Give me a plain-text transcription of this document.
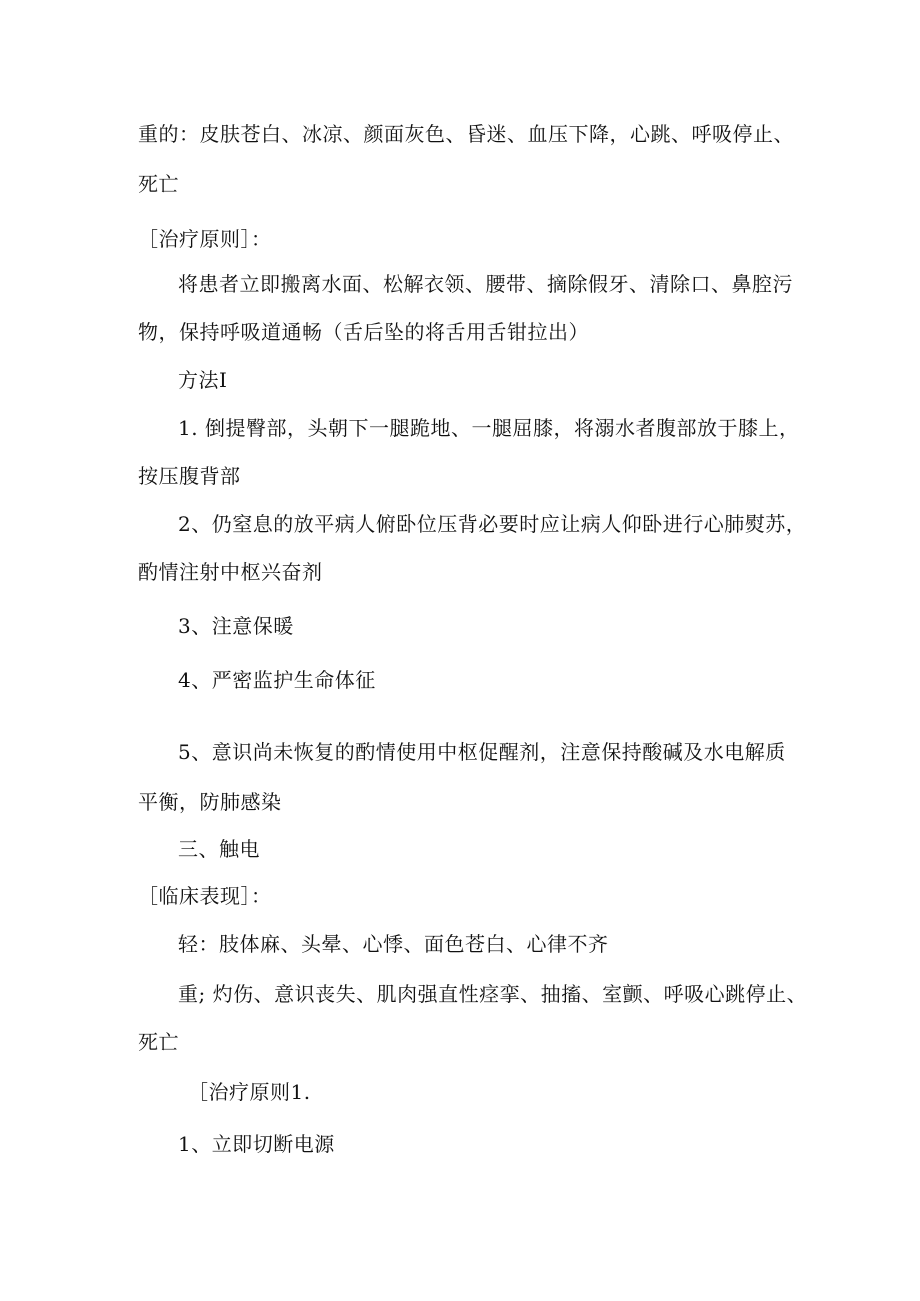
重的：皮肤苍白、冰凉、颜面灰色、昏迷、血压下降，心跳、呼吸停止、
死亡
［治疗原则］：
将患者立即搬离水面、松解衣领、腰带、摘除假牙、清除口、鼻腔污
物，保持呼吸道通畅（舌后坠的将舌用舌钳拉出）
方法I
1. 倒提臀部，头朝下一腿跪地、一腿屈膝，将溺水者腹部放于膝上，
按压腹背部
2、仍窒息的放平病人俯卧位压背必要时应让病人仰卧进行心肺熨苏，
酌情注射中枢兴奋剂
3、注意保暖
4、严密监护生命体征
5、意识尚未恢复的酌情使用中枢促醒剂，注意保持酸碱及水电解质
平衡，防肺感染
三、触电
［临床表现］：
轻：肢体麻、头晕、心悸、面色苍白、心律不齐
重; 灼伤、意识丧失、肌肉强直性痉挛、抽搐、室颤、呼吸心跳停止、
死亡
［治疗原则1.
1、立即切断电源
